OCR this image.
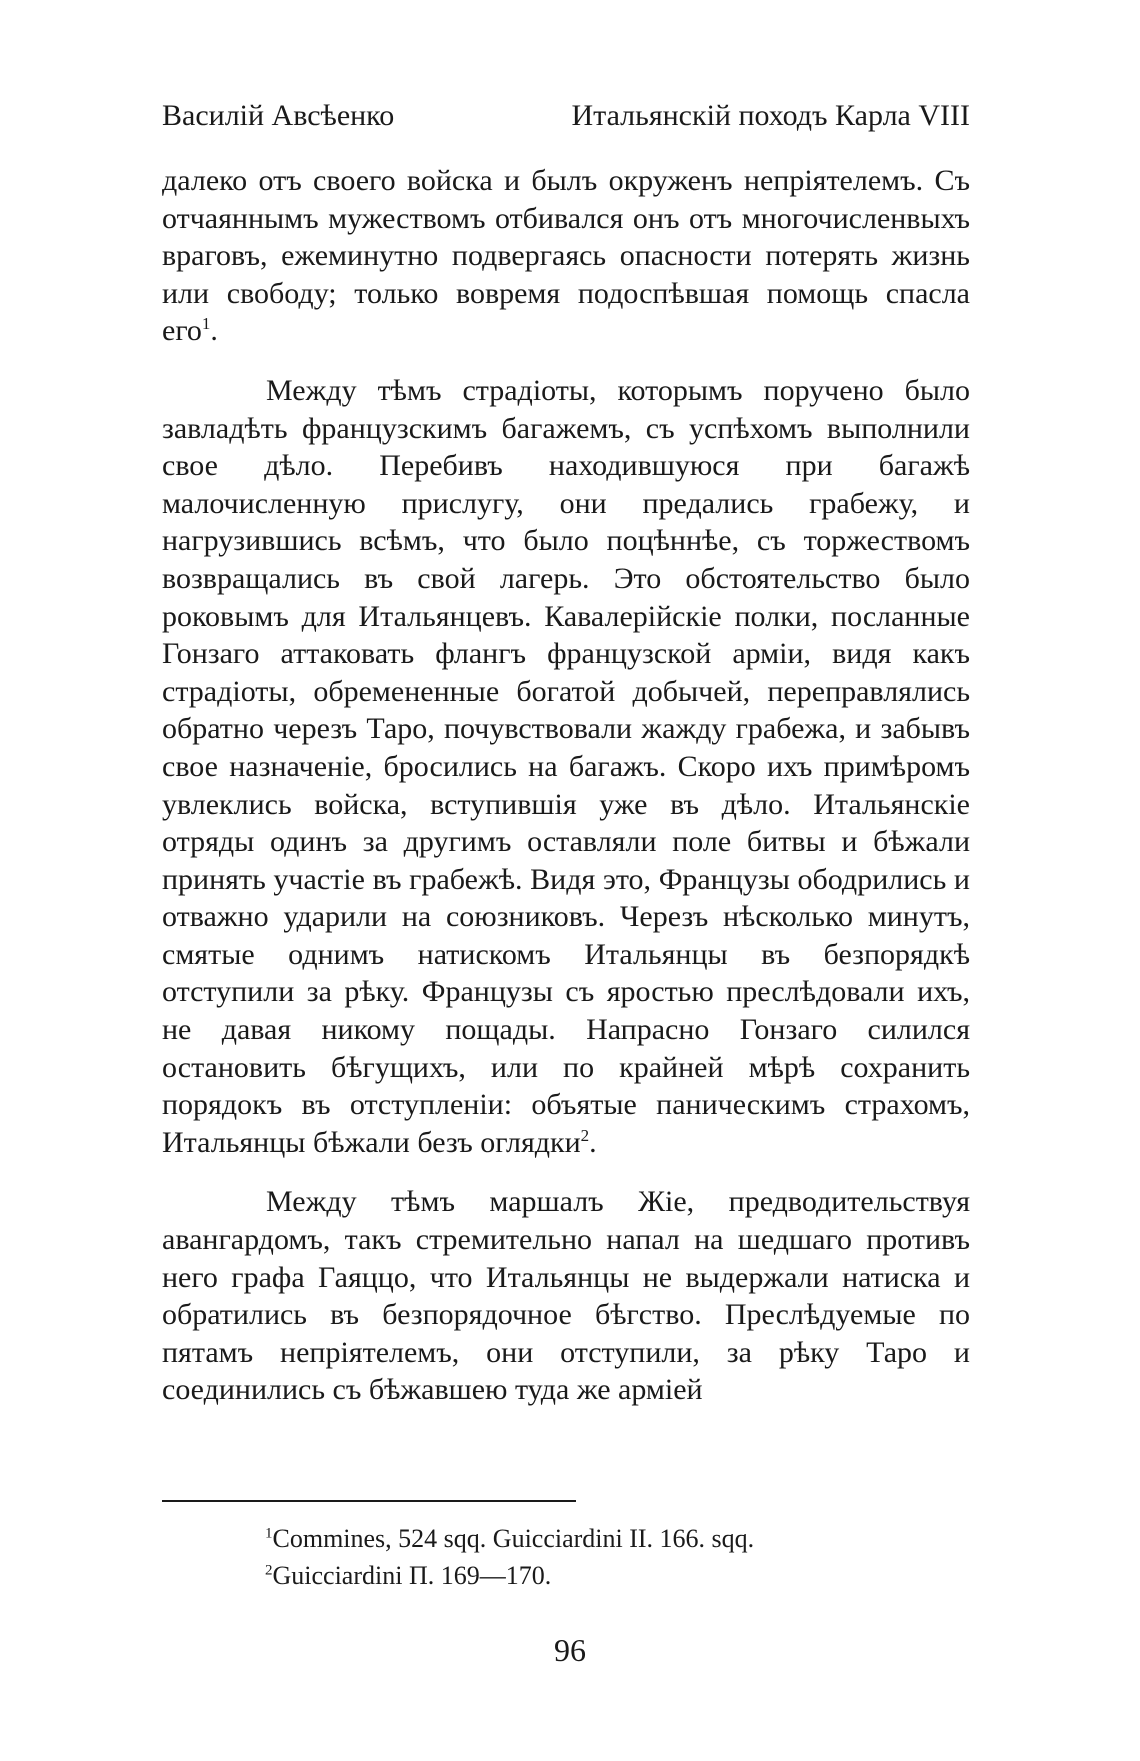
Василій Авсѣенко	Итальянскій походъ Карла VIII

далеко отъ своего войска и былъ окруженъ непріятелемъ. Съ отчаяннымъ мужествомъ отбивался онъ отъ многочисленвыхъ враговъ, ежеминутно подвергаясь опасности потерять жизнь или свободу; только вовремя подоспѣвшая помощь спасла его$^1$.

Между тѣмъ страдіоты, которымъ поручено было завладѣть французскимъ багажемъ, съ успѣхомъ выполнили свое дѣло. Перебивъ находившуюся при багажѣ малочисленную прислугу, они предались грабежу, и нагрузившись всѣмъ, что было поцѣннѣе, съ торжествомъ возвращались въ свой лагерь. Это обстоятельство было роковымъ для Итальянцевъ. Кавалерійскіе полки, посланные Гонзаго аттаковать флангъ французской арміи, видя какъ страдіоты, обремененные богатой добычей, переправлялись обратно черезъ Таро, почувствовали жажду грабежа, и забывъ свое назначеніе, бросились на багажъ. Скоро ихъ примѣромъ увлеклись войска, вступившія уже въ дѣло. Итальянскіе отряды одинъ за другимъ оставляли поле битвы и бѣжали принять участіе въ грабежѣ. Видя это, Французы ободрились и отважно ударили на союзниковъ. Черезъ нѣсколько минутъ, смятые однимъ натискомъ Итальянцы въ безпорядкѣ отступили за рѣку. Французы съ яростью преслѣдовали ихъ, не давая никому пощады. Напрасно Гонзаго силился остановить бѣгущихъ, или по крайней мѣрѣ сохранить порядокъ въ отступленіи: объятые паническимъ страхомъ, Итальянцы бѣжали безъ оглядки$^2$.

Между тѣмъ маршалъ Жіе, предводительствуя авангардомъ, такъ стремительно напал на шедшаго противъ него графа Гаяццо, что Итальянцы не выдержали натиска и обратились въ безпорядочное бѣгство. Преслѣдуемые по пятамъ непріятелемъ, они отступили, за рѣку Таро и соединились съ бѣжавшею туда же арміей

$^1$Commines, 524 sqq. Guicciardini II. 166. sqq.
$^2$Guicciardini П. 169—170.
96
